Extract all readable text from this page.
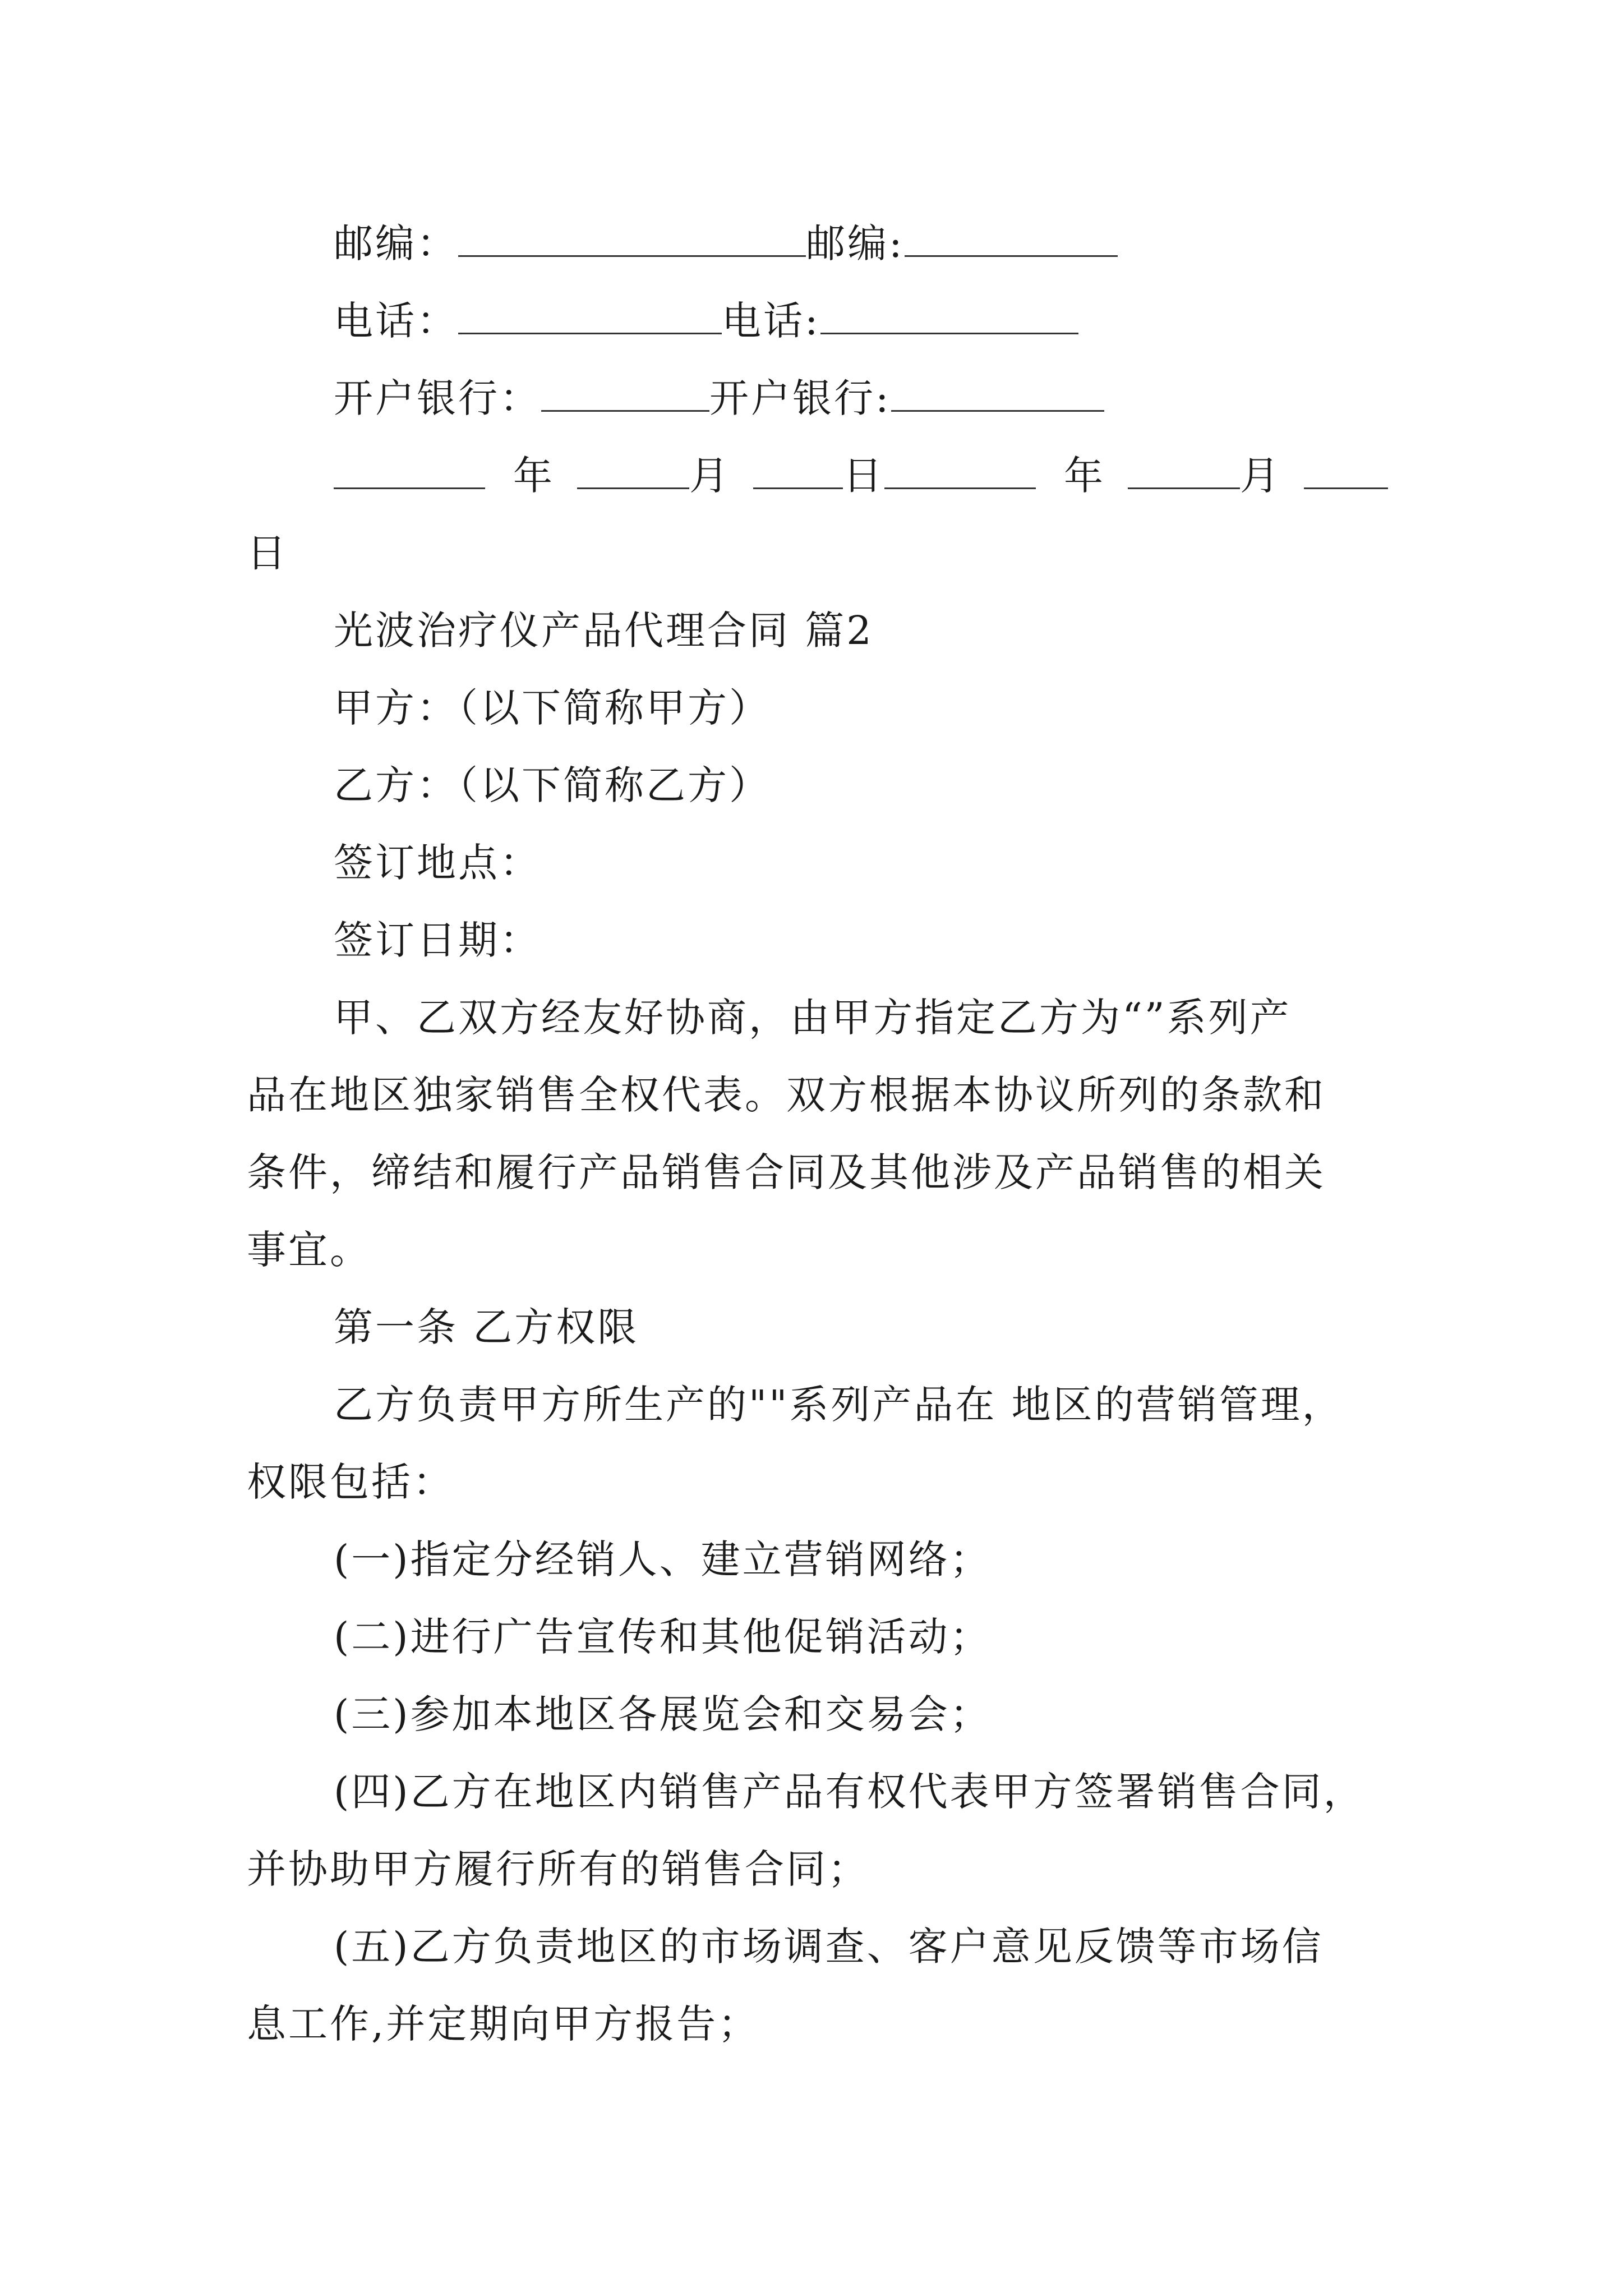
邮编：	邮编:
电话：	电话:
开户银行：	开户银行:
年	月	日	年	月
日
光波治疗仪产品代理合同 篇2
甲方：（以下简称甲方）
乙方：（以下简称乙方）
签订地点：
签订日期：
甲、乙双方经友好协商，由甲方指定乙方为“”系列产
品在地区独家销售全权代表。双方根据本协议所列的条款和
条件，缔结和履行产品销售合同及其他涉及产品销售的相关
事宜。
第一条 乙方权限
乙方负责甲方所生产的""系列产品在 地区的营销管理，
权限包括：
(一)指定分经销人、建立营销网络；
(二)进行广告宣传和其他促销活动；
(三)参加本地区各展览会和交易会；
(四)乙方在地区内销售产品有权代表甲方签署销售合同，
并协助甲方履行所有的销售合同；
(五)乙方负责地区的市场调查、客户意见反馈等市场信
息工作,并定期向甲方报告；
